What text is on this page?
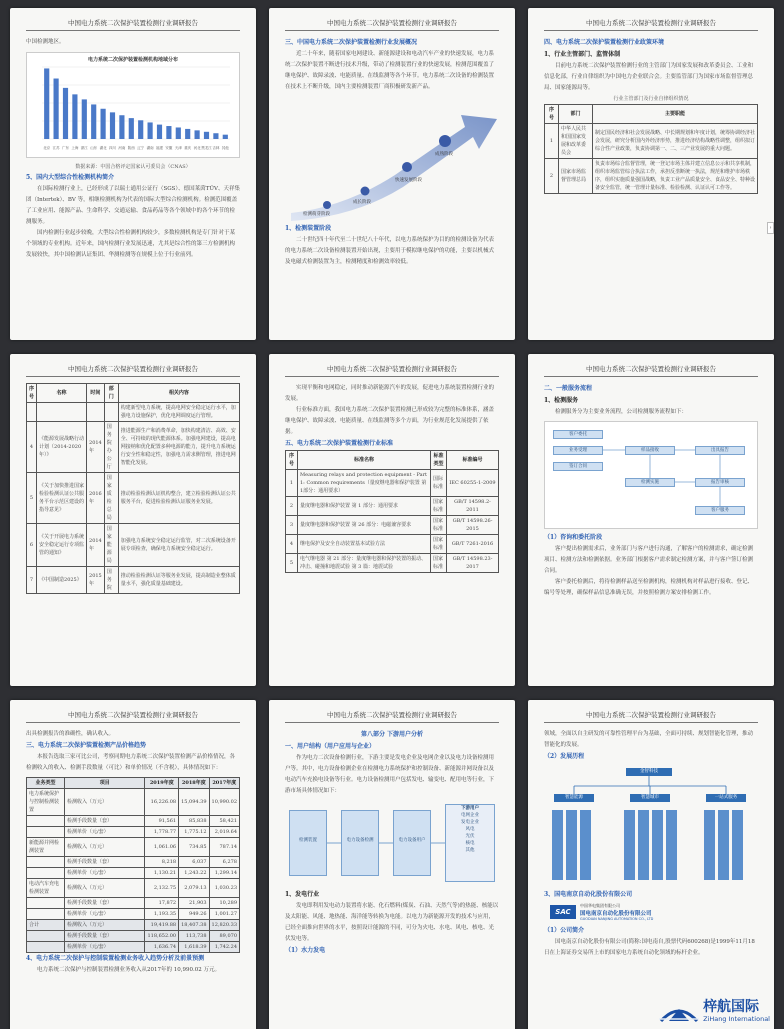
中国电力系统二次保护装置检测行业调研报告
中国检测地区。
电力系统二次保护装置检测机构地域分布
北京 江苏 广东 上海 浙江 山东 湖北 四川 河南 陕西 辽宁 湖南 福建 安徽 天津 重庆 河北 黑龙江 吉林 其他
数据来源：中国合格评定国家认可委员会（CNAS）
5、国内大型综合性检测机构简介
在国际检测行业上，已经形成了以瑞士通用公证行（SGS）、德国莱茵TÜV、天祥集团（Intertek）、BV 等，相继检测机构为代表的国际大型综合检测机构。检测范围覆盖了工业应用、能源产品、生命科学、交通运输、食品药品等各个领域中的各个环节的检测服务。
国内检测行业起步较晚，大型综合性检测机构较少，多数检测机构是专门针对于某个领域的专业机构。近年来，国内检测行业发展迅速，尤其是综合性的第三方检测机构发展较快，其中国检测认证集团、华测检测等在规模上位于行业前列。
中国电力系统二次保护装置检测行业调研报告
三、中国电力系统二次保护装置检测行业发展概况
近二十年来，随着国家电网建设、新能源建设和电动汽车产业的快速发展，电力系统二次保护装置不断进行技术升级，带动了检测装置行业的快速发展，检测范围覆盖了继电保护、故障录波、电能质量、在线监测等各个环节。电力系统二次设备的检测装置在技术上不断升级，国内主要检测装置厂商积极研发新产品。
检测萌芽阶段
成长阶段
快速发展阶段
成熟阶段
1、检测装置阶段
二十世纪四十年代至二十世纪八十年代，以电力系统保护为目的的检测设备为代表的电力系统二次设备检测装置开始出现，主要用于模拟继电保护的功能，主要以机械式及电磁式检测装置为主，检测精度和检测效率较低。
中国电力系统二次保护装置检测行业调研报告
四、电力系统二次保护装置检测行业政策环境
1、行业主管部门、监管体制
目前电力系统二次保护装置检测行业的主管部门为国家发展和改革委员会、工业和信息化部，行业自律组织为中国电力企业联合会。主要监管部门为国家市场监督管理总局、国家能源局等。
行业主管部门及行业自律组织情况
序号	部门	主要职能
1	中华人民共和国国家发展和改革委员会	制定国民经济和社会发展战略、中长期规划和年度计划，统筹协调经济社会发展，研究分析国内外经济形势，推进经济结构战略性调整，组织拟订综合性产业政策，负责协调第一、二、三产业发展的重大问题。
2	国家市场监督管理总局	负责市场综合监督管理，统一登记市场主体并建立信息公示和共享机制，组织市场监管综合执法工作，承担反垄断统一执法，规范和维护市场秩序，组织实施质量强国战略，负责工业产品质量安全、食品安全、特种设备安全监管，统一管理计量标准、检验检测、认证认可工作等。
›
中国电力系统二次保护装置检测行业调研报告
序号	名称	时间	部门	相关内容
				构建新型电力系统，提高电网安全稳定运行水平，加强电力设施保护，优化电网调度运行管理。
4	《能源发展战略行动计划（2014-2020年）》	2014年	国务院办公厅	推进能源生产和消费革命，加快构建清洁、高效、安全、可持续的现代能源体系。加强电网建设，提高电网接纳和优化配置多种电源的能力，提升电力系统运行安全性和稳定性，加强电力需求侧管理，推进电网智能化发展。
5	《关于加快推进国家检验检测认证公共服务平台示范区建设的指导意见》	2016年	国家质检总局	推动检验检测认证机构整合，建立检验检测认证公共服务平台，促进检验检测认证服务业发展。
6	《关于开展电力系统安全稳定运行专项监管的通知》	2014年	国家能源局	加强电力系统安全稳定运行监管，对二次系统设备开展专项检查，确保电力系统安全稳定运行。
7	《中国制造2025》	2015年	国务院	推动检验检测认证等服务业发展，提高制造业整体质量水平，强化质量基础建设。
中国电力系统二次保护装置检测行业调研报告
实现平衡和电网稳定，同时推动新能源汽车的发展，促进电力系统装置检测行业的发展。
行业标准方面，我国电力系统二次保护装置检测已形成较为完整的标准体系，涵盖继电保护、故障录波、电能质量、在线监测等多个方面，为行业规范化发展提供了依据。
五、电力系统二次保护装置检测行业标准
序号	标准名称	标准类型	标准编号
1	Measuring relays and protection equipment - Part 1: Common requirements（量度继电器和保护装置 第1部分：通用要求）	国际标准	IEC 60255-1-2009
2	量度继电器和保护装置 第 1 部分：通用要求	国家标准	GB/T 14598.2-2011
3	量度继电器和保护装置 第 26 部分：电磁兼容要求	国家标准	GB/T 14598.26-2015
4	继电保护及安全自动装置基本试验方法	国家标准	GB/T 7261-2016
5	电气继电器 第 21 部分：量度继电器和保护装置的振动、冲击、碰撞和地震试验 第 3 篇：地震试验	国家标准	GB/T 14598.23-2017
中国电力系统二次保护装置检测行业调研报告
二、一般服务流程
1、检测服务
检测服务分为主要业务流程，公司检测服务流程如下：
客户委托
业务受理
签订合同
样品接收
检测实施
出具报告
报告审核
客户服务
（1）咨询和委托阶段
客户提出检测需求后，业务部门与客户进行沟通，了解客户的检测需求，确定检测项目、检测方法和检测依据。业务部门根据客户需求制定检测方案，并与客户签订检测合同。
客户委托检测后，将待检测样品送至检测机构，检测机构对样品进行接收、登记、编号等处理，确保样品信息准确无误，并按照检测方案安排检测工作。
中国电力系统二次保护装置检测行业调研报告
出具检测报告的准确性，确认收入。
三、电力系统二次保护装置检测产品价格趋势
本报告选取三家可比公司，考察同期电力系统二次保护装置检测产品价格情况，各检测收入的收入、检测手段数量（可比）和单价情况（不含税），具体情况如下：
业务类型	项目	2019年度	2018年度	2017年度
电力系统保护与控制检测装置	检测收入（万元）	16,226.08	15,094.39	10,990.02
	检测手段数量（套）	91,561	85,838	58,421
	检测单价（元/套）	1,778.77	1,775.12	2,019.64
新能源并网检测装置	检测收入（万元）	1,061.06	734.85	787.14
	检测手段数量（套）	8,218	6,037	6,278
	检测单价（元/套）	1,130.21	1,243.22	1,299.14
电动汽车充电检测装置	检测收入（万元）	2,132.75	2,079.13	1,030.23
	检测手段数量（套）	17,872	21,903	10,289
	检测单价（元/套）	1,193.35	949.26	1,001.27
合计	检测收入（万元）	19,419.88	18,407.38	12,820.33
	检测手段数量（套）	118,652.00	113,738	89,070
	检测单价（元/套）	1,636.74	1,618.39	1,742.24
4、电力系统二次保护与控制装置检测业务收入趋势分析及前景预测
电力系统二次保护与控制装置检测业务收入从2017年的 10,990.02 万元。
中国电力系统二次保护装置检测行业调研报告
第八部分 下游用户分析
一、用户结构（用户应用与企业）
作为电力二次设备检测行业，下游主要是发电企业及电网企业以及电力设备检测用户等。其中，电力设备检测企业在检测电力系统保护和控制设备、新能源并网设备以及电动汽车充换电设备等行业。电力设备检测用户包括发电、输变电、配用电等行业，下游市场具体情况如下：
检测装置	电力设备检测	电力设备用户
下游用户
电网企业
发电企业
风电
光伏
核电
其他
1、发电行业
发电即利用发电动力装置将水能、化石燃料(煤炭、石油、天然气等)的热能、核能以及太阳能、风能、地热能、海洋能等转换为电能。以电力为新能源开发的技术与应用，已经全面推向世界的水平，按照设计能源的不同，可分为火电、水电、风电、核电、光伏发电等。
（1）水力发电
中国电力系统二次保护装置检测行业调研报告
领域，全面以自主研发的可靠性管理平台为基础，全面可持续、规划智能化管理，推动智能化的发展。
（2）发展历程
金智科技
智慧能源	智慧城市	一站式服务
3、国电南京自动化股份有限公司
SAC
中国华电集团有限公司
国电南京自动化股份有限公司
GUODIAN NANJING AUTOMATION CO., LTD
（1）公司简介
国电南京自动化股份有限公司(简称:国电南自,股票代码600268)是1999年11月18日在上海证券交易所上市的国家电力系统自动化领域的标杆企业。
梓航国际
ZiHang International
